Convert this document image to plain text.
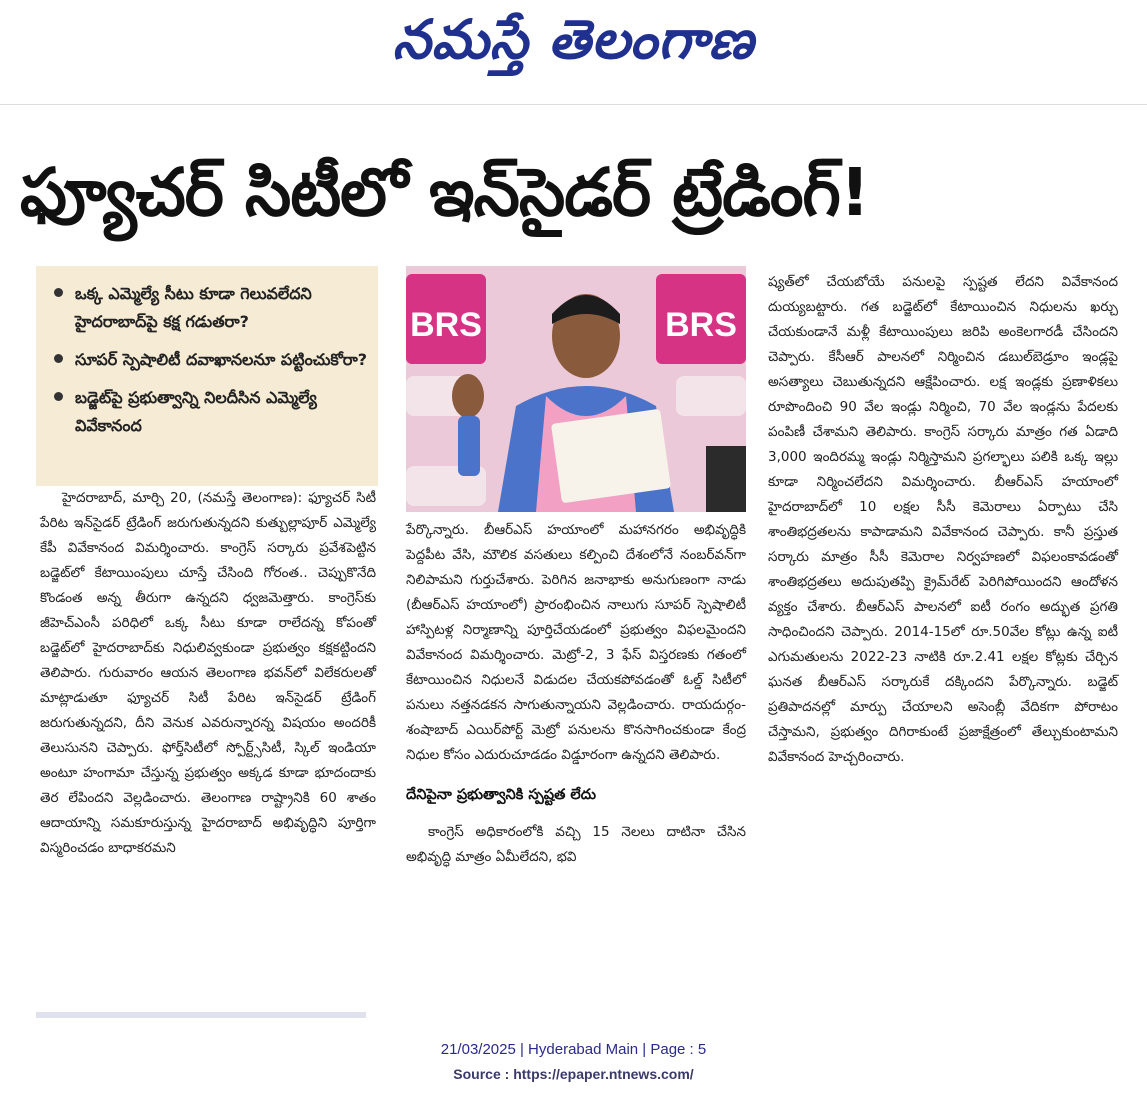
నమస్తే తెలంగాణ
ఫ్యూచర్ సిటీలో ఇన్‌సైడర్ ట్రేడింగ్!
ఒక్క ఎమ్మెల్యే సీటు కూడా గెలువలేదని హైదరాబాద్‌పై కక్ష గడుతరా?
సూపర్ స్పెషాలిటీ దవాఖానలనూ పట్టించుకోరా?
బడ్జెట్‌పై ప్రభుత్వాన్ని నిలదీసిన ఎమ్మెల్యే వివేకానంద
BRS	BRS

హైదరాబాద్, మార్చి 20, (నమస్తే తెలంగాణ): ఫ్యూచర్ సిటీ పేరిట ఇన్‌సైడర్ ట్రేడింగ్ జరుగుతున్నదని కుత్బుల్లాపూర్ ఎమ్మెల్యే కేపీ వివేకానంద విమర్శించారు. కాంగ్రెస్ సర్కారు ప్రవేశపెట్టిన బడ్జెట్‌లో కేటాయింపులు చూస్తే చేసింది గోరంత.. చెప్పుకొనేది కొండంత అన్న తీరుగా ఉన్నదని ధ్వజమెత్తారు. కాంగ్రెస్‌కు జీహెచ్‌ఎంసీ పరిధిలో ఒక్క సీటు కూడా రాలేదన్న కోపంతో బడ్జెట్‌లో హైదరాబాద్‌కు నిధులివ్వకుండా ప్రభుత్వం కక్షకట్టిందని తెలిపారు. గురువారం ఆయన తెలంగాణ భవన్‌లో విలేకరులతో మాట్లాడుతూ ఫ్యూచర్ సిటీ పేరిట ఇన్‌సైడర్ ట్రేడింగ్ జరుగుతున్నదని, దీని వెనుక ఎవరున్నారన్న విషయం అందరికీ తెలుసునని చెప్పారు. ఫోర్త్‌సిటీలో స్పోర్ట్స్‌సిటీ, స్కిల్ ఇండియా అంటూ హంగామా చేస్తున్న ప్రభుత్వం అక్కడ కూడా భూదందాకు తెర లేపిందని వెల్లడించారు. తెలంగాణ రాష్ట్రానికి 60 శాతం ఆదాయాన్ని సమకూరుస్తున్న హైదరాబాద్ అభివృద్ధిని పూర్తిగా విస్మరించడం బాధాకరమని

పేర్కొన్నారు. బీఆర్‌ఎస్ హయాంలో మహానగరం అభివృద్ధికి పెద్దపీట వేసి, మౌలిక వసతులు కల్పించి దేశంలోనే నంబర్‌వన్‌గా నిలిపామని గుర్తుచేశారు. పెరిగిన జనాభాకు అనుగుణంగా నాడు (బీఆర్‌ఎస్ హయాంలో) ప్రారంభించిన నాలుగు సూపర్ స్పెషాలిటీ హాస్పిటళ్ల నిర్మాణాన్ని పూర్తిచేయడంలో ప్రభుత్వం విఫలమైందని వివేకానంద విమర్శించారు. మెట్రో-2, 3 ఫేస్ విస్తరణకు గతంలో కేటాయించిన నిధులనే విడుదల చేయకపోవడంతో ఓల్డ్ సిటీలో పనులు నత్తనడకన సాగుతున్నాయని వెల్లడించారు. రాయదుర్గం- శంషాబాద్ ఎయిర్‌పోర్ట్ మెట్రో పనులను కొనసాగించకుండా కేంద్ర నిధుల కోసం ఎదురుచూడడం విడ్డూరంగా ఉన్నదని తెలిపారు.

దేనిపైనా ప్రభుత్వానికి స్పష్టత లేదు

కాంగ్రెస్ అధికారంలోకి వచ్చి 15 నెలలు దాటినా చేసిన అభివృద్ధి మాత్రం ఏమీలేదని, భవి

ష్యత్‌లో చేయబోయే పనులపై స్పష్టత లేదని వివేకానంద దుయ్యబట్టారు. గత బడ్జెట్‌లో కేటాయించిన నిధులను ఖర్చు చేయకుండానే మళ్లీ కేటాయింపులు జరిపి అంకెలగారడీ చేసిందని చెప్పారు. కేసీఆర్ పాలనలో నిర్మించిన డబుల్‌బెడ్రూం ఇండ్లపై అసత్యాలు చెబుతున్నదని ఆక్షేపించారు. లక్ష ఇండ్లకు ప్రణాళికలు రూపొందించి 90 వేల ఇండ్లు నిర్మించి, 70 వేల ఇండ్లను పేదలకు పంపిణీ చేశామని తెలిపారు. కాంగ్రెస్ సర్కారు మాత్రం గత ఏడాది 3,000 ఇందిరమ్మ ఇండ్లు నిర్మిస్తామని ప్రగల్భాలు పలికి ఒక్క ఇల్లు కూడా నిర్మించలేదని విమర్శించారు. బీఆర్‌ఎస్ హయాంలో హైదరాబాద్‌లో 10 లక్షల సీసీ కెమెరాలు ఏర్పాటు చేసి శాంతిభద్రతలను కాపాడామని వివేకానంద చెప్పారు. కానీ ప్రస్తుత సర్కారు మాత్రం సీసీ కెమెరాల నిర్వహణలో విఫలంకావడంతో శాంతిభద్రతలు అదుపుతప్పి క్రైమ్‌రేట్ పెరిగిపోయిందని ఆందోళన వ్యక్తం చేశారు. బీఆర్‌ఎస్ పాలనలో ఐటీ రంగం అద్భుత ప్రగతి సాధించిందని చెప్పారు. 2014-15లో రూ.50వేల కోట్లు ఉన్న ఐటీ ఎగుమతులను 2022-23 నాటికి రూ.2.41 లక్షల కోట్లకు చేర్చిన ఘనత బీఆర్‌ఎస్ సర్కారుకే దక్కిందని పేర్కొన్నారు. బడ్జెట్ ప్రతిపాదనల్లో మార్పు చేయాలని అసెంబ్లీ వేదికగా పోరాటం చేస్తామని, ప్రభుత్వం దిగిరాకుంటే ప్రజాక్షేత్రంలో తేల్చుకుంటామని వివేకానంద హెచ్చరించారు.

21/03/2025 | Hyderabad Main | Page : 5
Source : https://epaper.ntnews.com/
